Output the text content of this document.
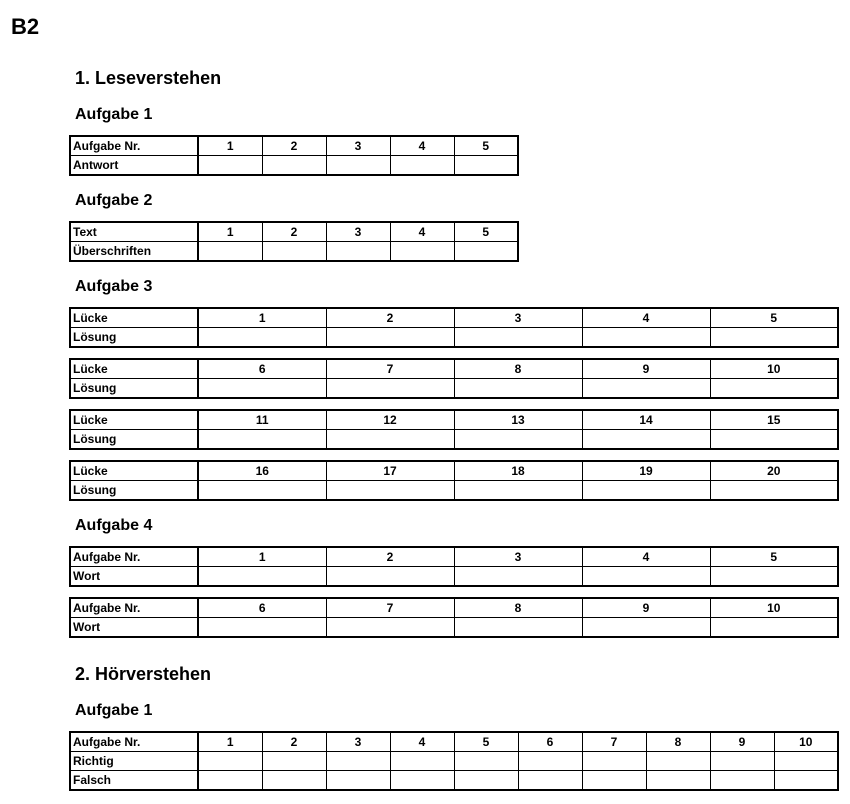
B2
1. Leseverstehen
Aufgabe 1
Aufgabe Nr.	1	2	3	4	5
Antwort					
Aufgabe 2
Text	1	2	3	4	5
Überschriften					
Aufgabe 3
Lücke	1	2	3	4	5
Lösung					
Lücke	6	7	8	9	10
Lösung					
Lücke	11	12	13	14	15
Lösung					
Lücke	16	17	18	19	20
Lösung					
Aufgabe 4
Aufgabe Nr.	1	2	3	4	5
Wort					
Aufgabe Nr.	6	7	8	9	10
Wort					
2. Hörverstehen
Aufgabe 1
Aufgabe Nr.	1	2	3	4	5	6	7	8	9	10
Richtig										
Falsch										
